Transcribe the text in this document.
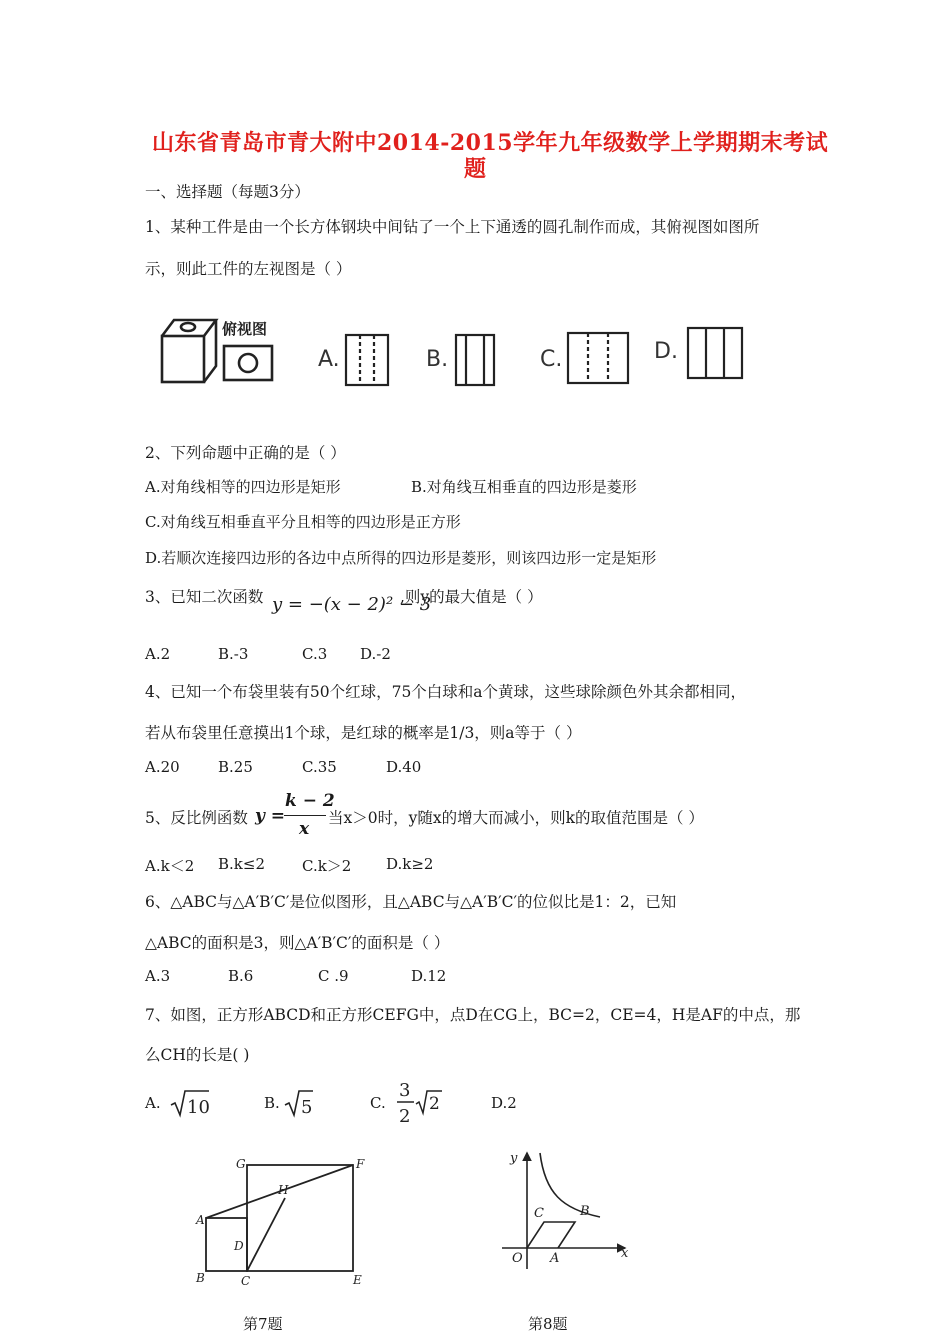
山东省青岛市青大附中2014-2015学年九年级数学上学期期末考试
题
一、选择题（每题3分）
1、某种工件是由一个长方体钢块中间钻了一个上下通透的圆孔制作而成，其俯视图如图所
示，则此工件的左视图是（ ）
俯视图
A.	B.	C.	D.
2、下列命题中正确的是（ ）
A.对角线相等的四边形是矩形	B.对角线互相垂直的四边形是菱形
C.对角线互相垂直平分且相等的四边形是正方形
D.若顺次连接四边形的各边中点所得的四边形是菱形，则该四边形一定是矩形
3、已知二次函数 y = −(x − 2)² − 3
,则y的最大值是（ ）
A.2	B.-3	C.3 D.-2
4、已知一个布袋里装有50个红球，75个白球和a个黄球，这些球除颜色外其余都相同，
若从布袋里任意摸出1个球，是红球的概率是1/3，则a等于（ ）
A.20	B.25	C.35	D.40
5、反比例函数 y =
k − 2
x
当x＞0时，y随x的增大而减小，则k的取值范围是（ ）
A.k＜2 B.k≤2 C.k＞2 D.k≥2
6、△ABC与△A′B′C′是位似图形，且△ABC与△A′B′C′的位似比是1：2，已知
△ABC的面积是3，则△A′B′C′的面积是（ ）
A.3	B.6	C .9	D.12
7、如图，正方形ABCD和正方形CEFG中，点D在CG上，BC=2，CE=4，H是AF的中点，那
么CH的长是( )
A. 10	B. 5	C.
3
2
2	D.2
G	F
H
A
D
B	C	E
第7题
y
C	B
O A	x
第8题
